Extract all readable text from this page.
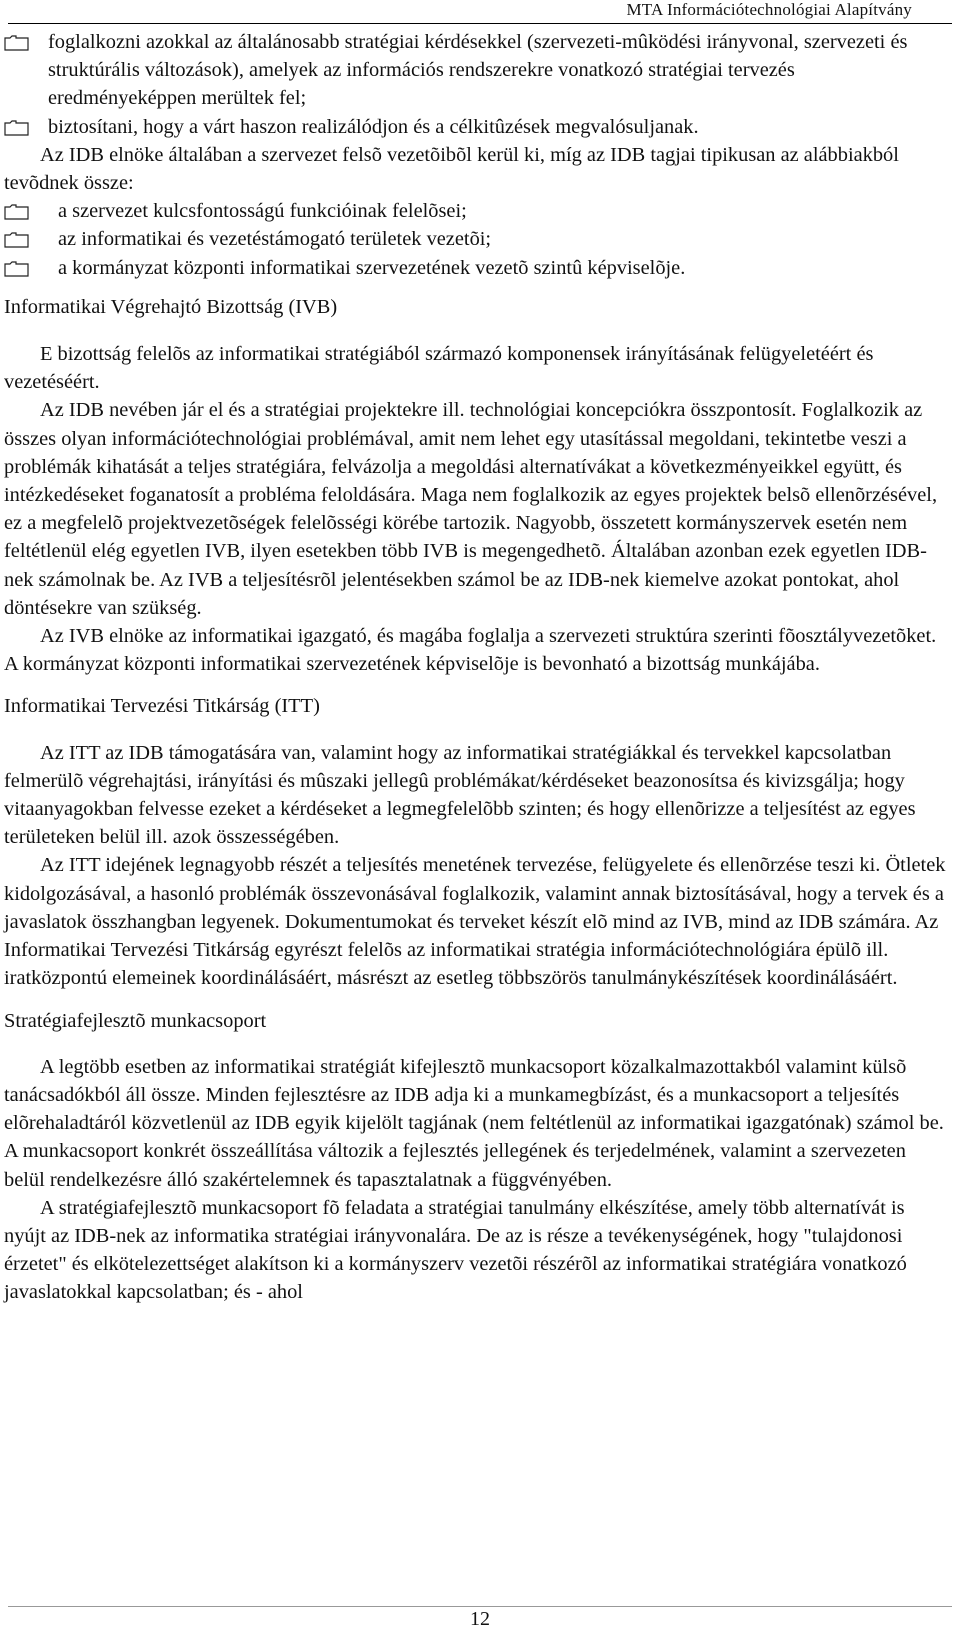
MTA Információtechnológiai Alapítvány
foglalkozni azokkal az általánosabb stratégiai kérdésekkel (szervezeti-mûködési irányvonal, szervezeti és struktúrális változások), amelyek az információs rendszerekre vonatkozó stratégiai tervezés eredményeképpen merültek fel;
biztosítani, hogy a várt haszon realizálódjon és a célkitûzések megvalósuljanak.

Az IDB elnöke általában a szervezet felsõ vezetõibõl kerül ki, míg az IDB tagjai tipikusan az alábbiakból tevõdnek össze:

a szervezet kulcsfontosságú funkcióinak felelõsei;
az informatikai és vezetéstámogató területek vezetõi;
a kormányzat központi informatikai szervezetének vezetõ szintû képviselõje.
Informatikai Végrehajtó Bizottság (IVB)

E bizottság felelõs az informatikai stratégiából származó komponensek irányításának felügyeletéért és vezetéséért.

Az IDB nevében jár el és a stratégiai projektekre ill. technológiai koncepciókra összpontosít. Foglalkozik az összes olyan információtechnológiai problémával, amit nem lehet egy utasítással megoldani, tekintetbe veszi a problémák kihatását a teljes stratégiára, felvázolja a megoldási alternatívákat a következményeikkel együtt, és intézkedéseket foganatosít a probléma feloldására. Maga nem foglalkozik az egyes projektek belsõ ellenõrzésével, ez a megfelelõ projektvezetõségek felelõsségi körébe tartozik. Nagyobb, összetett kormányszervek esetén nem feltétlenül elég egyetlen IVB, ilyen esetekben több IVB is megengedhetõ. Általában azonban ezek egyetlen IDB-nek számolnak be. Az IVB a teljesítésrõl jelentésekben számol be az IDB-nek kiemelve azokat pontokat, ahol döntésekre van szükség.

Az IVB elnöke az informatikai igazgató, és magába foglalja a szervezeti struktúra szerinti fõosztályvezetõket. A kormányzat központi informatikai szervezetének képviselõje is bevonható a bizottság munkájába.

Informatikai Tervezési Titkárság (ITT)

Az ITT az IDB támogatására van, valamint hogy az informatikai stratégiákkal és tervekkel kapcsolatban felmerülõ végrehajtási, irányítási és mûszaki jellegû problémákat/kérdéseket beazonosítsa és kivizsgálja; hogy vitaanyagokban felvesse ezeket a kérdéseket a legmegfelelõbb szinten; és hogy ellenõrizze a teljesítést az egyes területeken belül ill. azok összességében.

Az ITT idejének legnagyobb részét a teljesítés menetének tervezése, felügyelete és ellenõrzése teszi ki. Ötletek kidolgozásával, a hasonló problémák összevonásával foglalkozik, valamint annak biztosításával, hogy a tervek és a javaslatok összhangban legyenek. Dokumentumokat és terveket készít elõ mind az IVB, mind az IDB számára. Az Informatikai Tervezési Titkárság egyrészt felelõs az informatikai stratégia információtechnológiára épülõ ill. iratközpontú elemeinek koordinálásáért, másrészt az esetleg többszörös tanulmánykészítések koordinálásáért.

Stratégiafejlesztõ munkacsoport

A legtöbb esetben az informatikai stratégiát kifejlesztõ munkacsoport közalkalmazottakból valamint külsõ tanácsadókból áll össze. Minden fejlesztésre az IDB adja ki a munkamegbízást, és a munkacsoport a teljesítés elõrehaladtáról közvetlenül az IDB egyik kijelölt tagjának (nem feltétlenül az informatikai igazgatónak) számol be. A munkacsoport konkrét összeállítása változik a fejlesztés jellegének és terjedelmének, valamint a szervezeten belül rendelkezésre álló szakértelemnek és tapasztalatnak a függvényében.

A stratégiafejlesztõ munkacsoport fõ feladata a stratégiai tanulmány elkészítése, amely több alternatívát is nyújt az IDB-nek az informatika stratégiai irányvonalára. De az is része a tevékenységének, hogy "tulajdonosi érzetet" és elkötelezettséget alakítson ki a kormányszerv vezetõi részérõl az informatikai stratégiára vonatkozó javaslatokkal kapcsolatban; és - ahol

12
